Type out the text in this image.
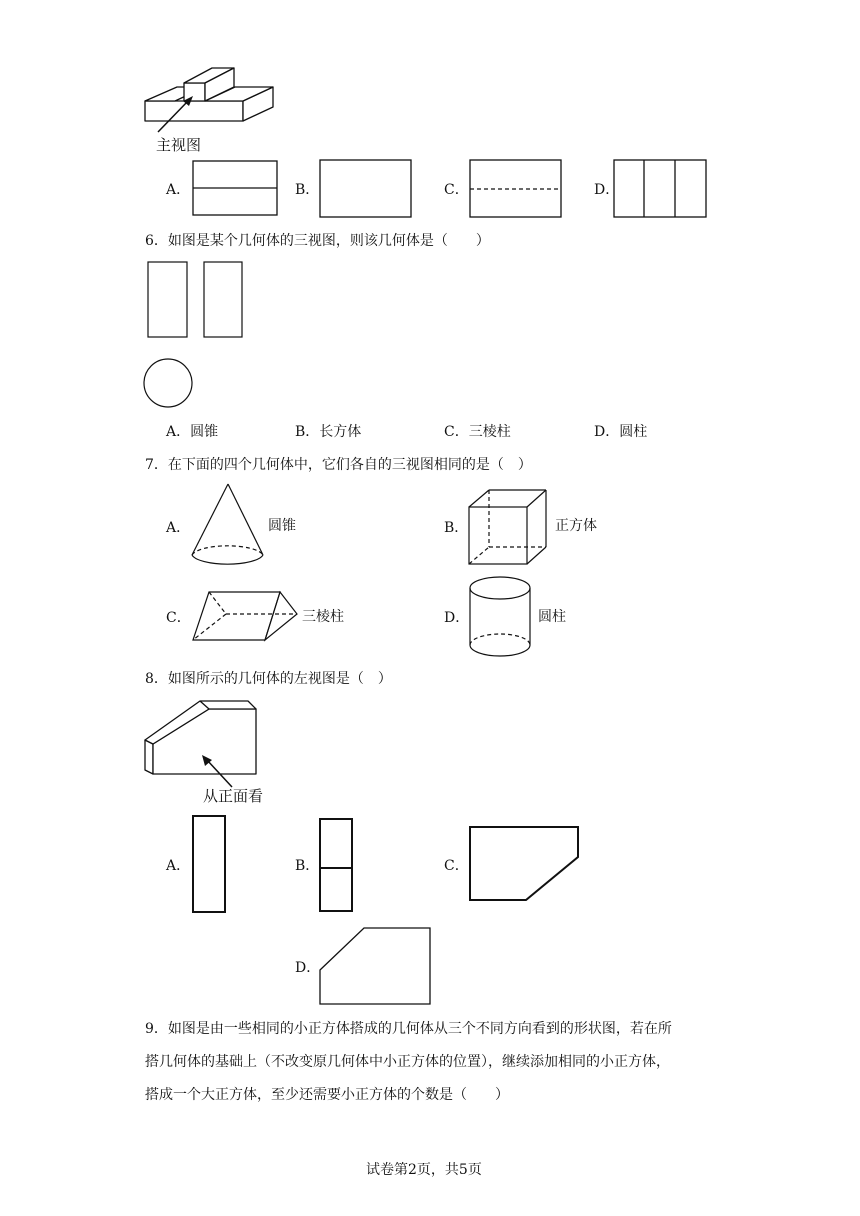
主视图
A．	B．	C．	D．
6．如图是某个几何体的三视图，则该几何体是（　　）
A．圆锥	B．长方体	C．三棱柱	D．圆柱
7．在下面的四个几何体中，它们各自的三视图相同的是（　）
A．	圆锥	B．	正方体
C．	三棱柱	D．	圆柱
8．如图所示的几何体的左视图是（　）
从正面看
A．	B．	C．
D．
9．如图是由一些相同的小正方体搭成的几何体从三个不同方向看到的形状图，若在所
搭几何体的基础上（不改变原几何体中小正方体的位置），继续添加相同的小正方体，
搭成一个大正方体，至少还需要小正方体的个数是（　　）
试卷第2页，共5页
